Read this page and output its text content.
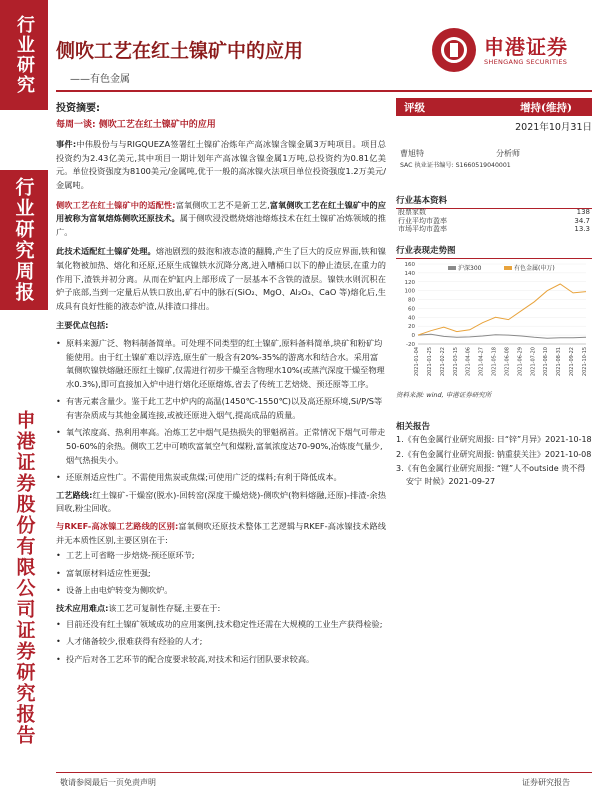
行业研究
行业研究周报
申港证券股份有限公司证券研究报告
侧吹工艺在红土镍矿中的应用
——有色金属
申港证券
SHENGANG SECURITIES
投资摘要:
每周一谈: 侧吹工艺在红土镍矿中的应用

事件:中伟股份与与RIGQUEZA签署红土镍矿冶炼年产高冰镍含镍金属3万吨项目。项目总投资约为2.43亿美元,其中项目一期计划年产高冰镍含镍金属1万吨,总投资约为0.81亿美元。单位投资强度为8100美元/金属吨,优于一般的高冰镍火法项目单位投资强度1.2万美元/金属吨。

侧吹工艺在红土镍矿中的适配性:富氧侧吹工艺不是新工艺,富氧侧吹工艺在红土镍矿中的应用被称为富氧熔炼侧吹还原技术。属于侧吹浸没燃烧熔池熔炼技术在红土镍矿冶炼领域的推广。

此技术适配红土镍矿处理。熔池剧烈的鼓泡和液态渣的翻腾,产生了巨大的反应界面,铁和镍氧化物被加热、熔化和还原,还原生成镍铁水沉降分离,进入嘈桶口以下的静止渣层,在重力的作用下,渣铁并初分离。从而在炉缸内上部形成了一层基本不含铁的渣层。镍铁水则沉积在炉子底部,当到一定量后从铁口放出,矿石中的脉石(SiO₂、MgO、Al₂O₃、CaO 等)熔化后,生成具有良好性能的液态炉渣,从排渣口排出。

主要优点包括:
• 原料来源广泛、物料制备简单。可处理不同类型的红土镍矿,原料备料简单,块矿和粉矿均能使用。由于红土镍矿难以浮选,原生矿一般含有20%-35%的游离水和结合水。采用富氧侧吹镍铁熔融还原红土镍矿,仅需进行初步干燥至含物理水10%(或蒸汽深度干燥至物理水0.3%),即可直接加入炉中进行熔化还原熔炼,省去了传统工艺焙烧、预还原等工序。
• 有害元素含量少。鉴于此工艺中炉内的高温(1450℃-1550℃)以及高还原环境,Si/P/S等有害杂质成与其他金属连接,或被还原进入烟气,提高成品的质量。
• 氧气浓度高、热利用率高。冶炼工艺中烟气是热损失的罪魁祸首。正常情况下烟气可带走50-60%的余热。侧吹工艺中可喷吹富氧空气和煤粉,富氧浓度达70-90%,冶炼废气量少,烟气热损失小。
• 还原剂适应性广。不需使用焦炭或焦煤;可使用广泛的煤料;有利于降低成本。

工艺路线:红土镍矿-干燥窑(脱水)-回转窑(深度干燥焙烧)-侧吹炉(物料熔融,还原)-排渣-余热回收,粉尘回收。

与RKEF-高冰镍工艺路线的区别:富氧侧吹还原技术整体工艺逻辑与RKEF-高冰镍技术路线并无本质性区别,主要区别在于:

• 工艺上可省略一步焙烧-预还原环节;
• 富氧原材料适应性更强;
• 设备上由电炉转变为侧吹炉。

技术应用难点:该工艺可复制性存疑,主要在于:

• 目前还没有红土镍矿领域成功的应用案例,技术稳定性还需在大规模的工业生产获得检验;
• 人才储备较少,很难获得有经验的人才;
• 投产后对各工艺环节的配合度要求较高,对技术和运行团队要求较高。
评级	增持(维持)
2021年10月31日
曹旭特	分析师
SAC 执业证书编号: S1660519040001
行业基本资料
股票家数	138
行业平均市盈率	34.7
市场平均市盈率	13.3
行业表现走势图
160
140
120
100
80
60
40
20
0
-20
2021-01-04 2021-01-25 2021-02-22 2021-03-15 2021-04-06 2021-04-27 2021-05-18 2021-06-08 2021-06-29 2021-07-20 2021-08-10 2021-08-31 2021-09-22 2021-10-15
沪深300	有色金属(申万)
资料来源: wind, 申港证券研究所
相关报告
1.《有色金属行业研究周报: 日“锌”月异》2021-10-18
2.《有色金属行业研究周报: 钠重获关注》2021-10-08
3.《有色金属行业研究周报: “锂”人不outside 贵不得安宁 时候》2021-09-27
敬请参阅最后一页免责声明	证券研究报告
